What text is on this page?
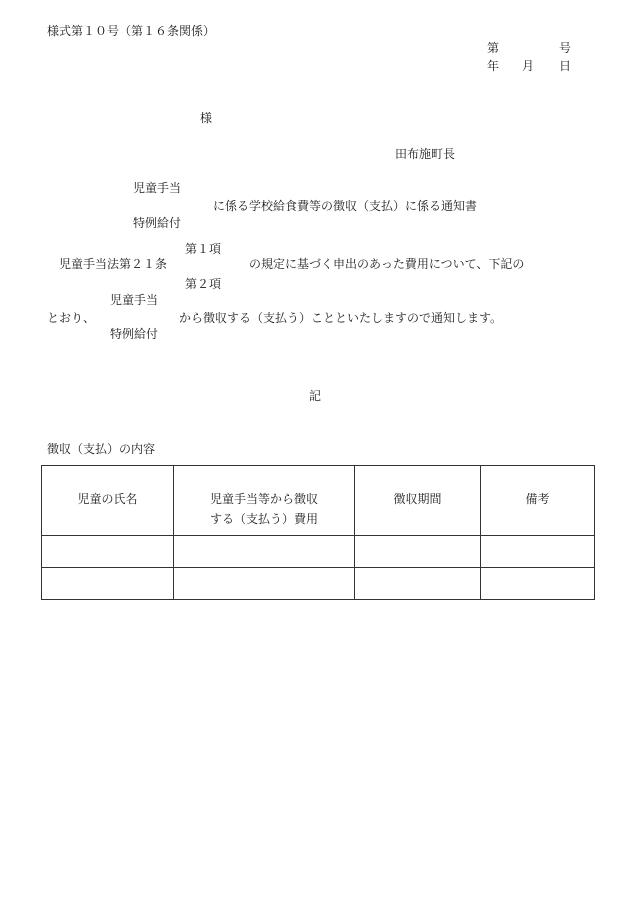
様式第１０号（第１６条関係）
第	号
年 月 日
様
田布施町長
児童手当
に係る学校給食費等の徴収（支払）に係る通知書
特例給付
第１項
児童手当法第２１条	の規定に基づく申出のあった費用について、下記の
第２項
児童手当
とおり、	から徴収する（支払う）ことといたしますので通知します。
特例給付
記
徴収（支払）の内容
児童の氏名	児童手当等から徴収
する（支払う）費用	徴収期間	備考
